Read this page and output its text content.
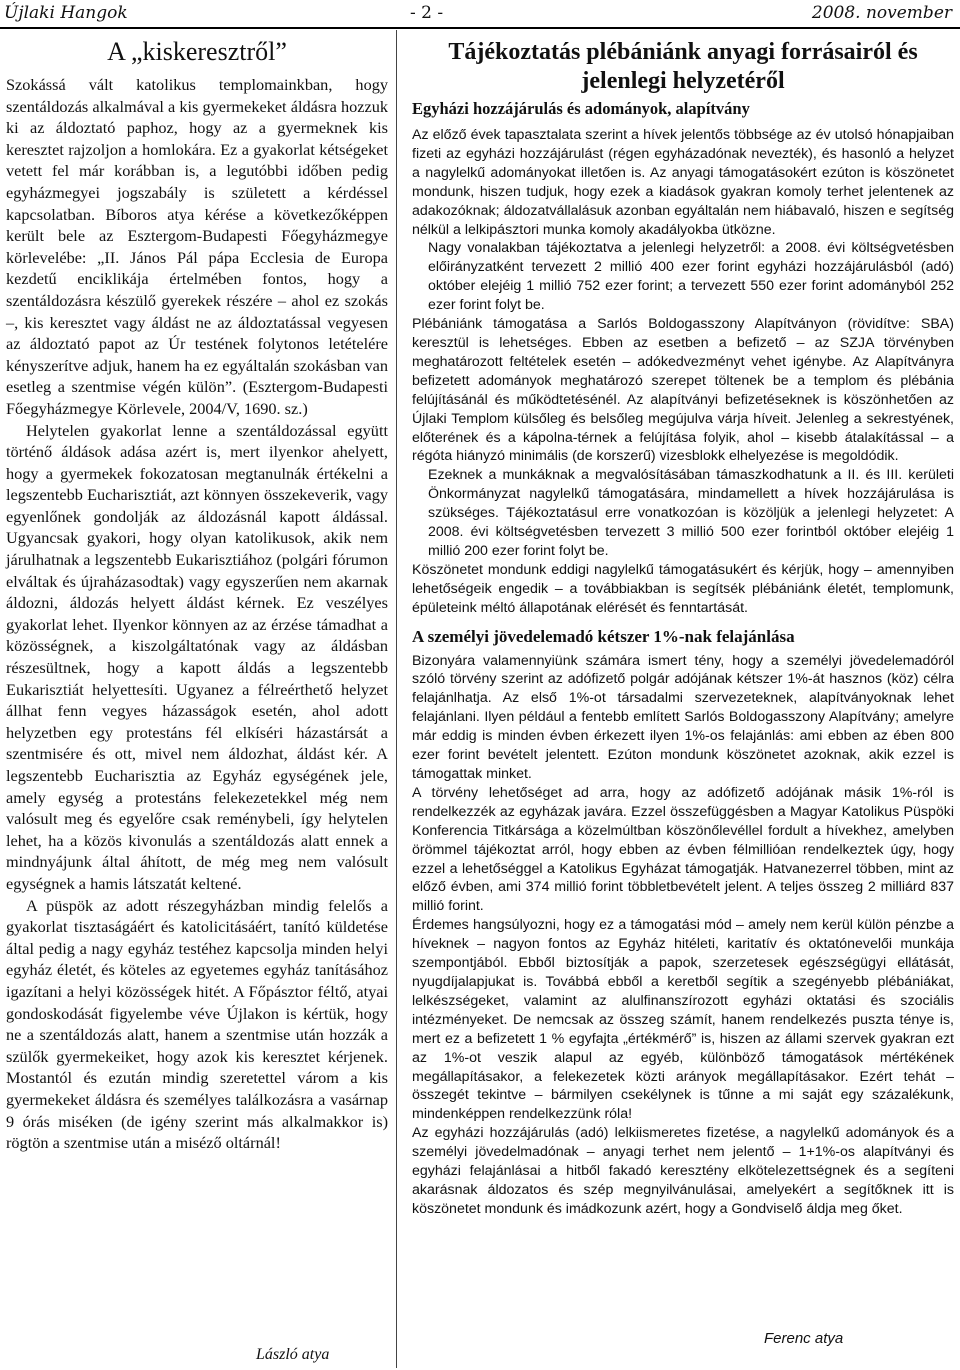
Újlaki Hangok	- 2 -	2008. november
A „kiskeresztről”

Szokássá vált katolikus templomainkban, hogy szentáldozás alkalmával a kis gyermekeket áldásra hozzuk ki az áldoztató paphoz, hogy az a gyermeknek kis keresztet rajzoljon a homlokára. Ez a gyakorlat kétségeket vetett fel már korábban is, a legutóbbi időben pedig egyházmegyei jogszabály is született a kérdéssel kapcsolatban. Bíboros atya kérése a következőképpen került bele az Esztergom-Budapesti Főegyházmegye körlevelébe: „II. János Pál pápa Ecclesia de Europa kezdetű enciklikája értelmében fontos, hogy a szentáldozásra készülő gyerekek részére – ahol ez szokás –, kis keresztet vagy áldást ne az áldoztatással vegyesen az áldoztató papot az Úr testének folytonos letételére kényszerítve adjuk, hanem ha ez egyáltalán szokásban van esetleg a szentmise végén külön”. (Esztergom-Budapesti Főegyházmegye Körlevele, 2004/V, 1690. sz.)

Helytelen gyakorlat lenne a szentáldozással együtt történő áldások adása azért is, mert ilyenkor ahelyett, hogy a gyermekek fokozatosan megtanulnák értékelni a legszentebb Eucharisztiát, azt könnyen összekeverik, vagy egyenlőnek gondolják az áldozásnál kapott áldással. Ugyancsak gyakori, hogy olyan katolikusok, akik nem járulhatnak a legszentebb Eukarisztiához (polgári fórumon elváltak és újraházasodtak) vagy egyszerűen nem akarnak áldozni, áldozás helyett áldást kérnek. Ez veszélyes gyakorlat lehet. Ilyenkor könnyen az az érzése támadhat a közösségnek, a kiszolgáltatónak vagy az áldásban részesültnek, hogy a kapott áldás a legszentebb Eukarisztiát helyettesíti. Ugyanez a félreérthető helyzet állhat fenn vegyes házasságok esetén, ahol adott helyzetben egy protestáns fél elkíséri házastársát a szentmisére és ott, mivel nem áldozhat, áldást kér. A legszentebb Eucharisztia az Egyház egységének jele, amely egység a protestáns felekezetekkel még nem valósult meg és egyelőre csak reménybeli, így helytelen lehet, ha a közös kivonulás a szentáldozás alatt ennek a mindnyájunk által áhított, de még meg nem valósult egységnek a hamis látszatát keltené.

A püspök az adott részegyházban mindig felelős a gyakorlat tisztaságáért és katolicitásáért, tanító küldetése által pedig a nagy egyház testéhez kapcsolja minden helyi egyház életét, és köteles az egyetemes egyház tanításához igazítani a helyi közösségek hitét. A Főpásztor féltő, atyai gondoskodását figyelembe véve Újlakon is kértük, hogy ne a szentáldozás alatt, hanem a szentmise után hozzák a szülők gyermekeiket, hogy azok kis keresztet kérjenek. Mostantól és ezután mindig szeretettel várom a kis gyermekeket áldásra és személyes találkozásra a vasárnap 9 órás miséken (de igény szerint más alkalmakkor is) rögtön a szentmise után a miséző oltárnál!

László atya
Tájékoztatás plébániánk anyagi forrásairól és jelenlegi helyzetéről
Egyházi hozzájárulás és adományok, alapítvány

Az előző évek tapasztalata szerint a hívek jelentős többsége az év utolsó hónapjaiban fizeti az egyházi hozzájárulást (régen egyházadónak nevezték), és hasonló a helyzet a nagylelkű adományokat illetően is. Az anyagi támogatásokért ezúton is köszönetet mondunk, hiszen tudjuk, hogy ezek a kiadások gyakran komoly terhet jelentenek az adakozóknak; áldozatvállalásuk azonban egyáltalán nem hiábavaló, hiszen e segítség nélkül a lelkipásztori munka komoly akadályokba ütközne.

Nagy vonalakban tájékoztatva a jelenlegi helyzetről: a 2008. évi költségvetésben előirányzatként tervezett 2 millió 400 ezer forint egyházi hozzájárulásból (adó) október elejéig 1 millió 752 ezer forint; a tervezett 550 ezer forint adományból 252 ezer forint folyt be.

Plébániánk támogatása a Sarlós Boldogasszony Alapítványon (rövidítve: SBA) keresztül is lehetséges. Ebben az esetben a befizető – az SZJA törvényben meghatározott feltételek esetén – adókedvezményt vehet igénybe. Az Alapítványra befizetett adományok meghatározó szerepet töltenek be a templom és plébánia felújításánál és működtetésénél. Az alapítványi befizetéseknek is köszönhetően az Újlaki Templom külsőleg és belsőleg megújulva várja híveit. Jelenleg a sekrestyének, előterének és a kápolna-térnek a felújítása folyik, ahol – kisebb átalakítással – a régóta hiányzó minimális (de korszerű) vizesblokk elhelyezése is megoldódik.

Ezeknek a munkáknak a megvalósításában támaszkodhatunk a II. és III. kerületi Önkormányzat nagylelkű támogatására, mindamellett a hívek hozzájárulása is szükséges. Tájékoztatásul erre vonatkozóan is közöljük a jelenlegi helyzetet: A 2008. évi költségvetésben tervezett 3 millió 500 ezer forintból október elejéig 1 millió 200 ezer forint folyt be.

Köszönetet mondunk eddigi nagylelkű támogatásukért és kérjük, hogy – amennyiben lehetőségeik engedik – a továbbiakban is segítsék plébániánk életét, templomunk, épületeink méltó állapotának elérését és fenntartását.

A személyi jövedelemadó kétszer 1%-nak felajánlása

Bizonyára valamennyiünk számára ismert tény, hogy a személyi jövedelemadóról szóló törvény szerint az adófizető polgár adójának kétszer 1%-át hasznos (köz) célra felajánlhatja. Az első 1%-ot társadalmi szervezeteknek, alapítványoknak lehet felajánlani. Ilyen például a fentebb említett Sarlós Boldogasszony Alapítvány; amelyre már eddig is minden évben érkezett ilyen 1%-os felajánlás: ami ebben az ében 800 ezer forint bevételt jelentett. Ezúton mondunk köszönetet azoknak, akik ezzel is támogattak minket.

A törvény lehetőséget ad arra, hogy az adófizető adójának másik 1%-ról is rendelkezzék az egyházak javára. Ezzel összefüggésben a Magyar Katolikus Püspöki Konferencia Titkársága a közelmúltban köszönőlevéllel fordult a hívekhez, amelyben örömmel tájékoztat arról, hogy ebben az évben félmillióan rendelkeztek úgy, hogy ezzel a lehetőséggel a Katolikus Egyházat támogatják. Hatvanezerrel többen, mint az előző évben, ami 374 millió forint többletbevételt jelent. A teljes összeg 2 milliárd 837 millió forint.

Érdemes hangsúlyozni, hogy ez a támogatási mód – amely nem kerül külön pénzbe a híveknek – nagyon fontos az Egyház hitéleti, karitatív és oktatónevelői munkája szempontjából. Ebből biztosítják a papok, szerzetesek egészségügyi ellátását, nyugdíjalapjukat is. Továbbá ebből a keretből segítik a szegényebb plébániákat, lelkészségeket, valamint az alulfinanszírozott egyházi oktatási és szociális intézményeket. De nemcsak az összeg számít, hanem rendelkezés puszta ténye is, mert ez a befizetett 1 % egyfajta „értékmérő” is, hiszen az állami szervek gyakran ezt az 1%-ot veszik alapul az egyéb, különböző támogatások mértékének megállapításakor, a felekezetek közti arányok megállapításakor. Ezért tehát – összegét tekintve – bármilyen csekélynek is tűnne a mi saját egy százalékunk, mindenképpen rendelkezzünk róla!

Az egyházi hozzájárulás (adó) lelkiismeretes fizetése, a nagylelkű adományok és a személyi jövedelmadónak – anyagi terhet nem jelentő – 1+1%-os alapítványi és egyházi felajánlásai a hitből fakadó keresztény elkötelezettségnek és a segíteni akarásnak áldozatos és szép megnyilvánulásai, amelyekért a segítőknek itt is köszönetet mondunk és imádkozunk azért, hogy a Gondviselő áldja meg őket.

Ferenc atya
